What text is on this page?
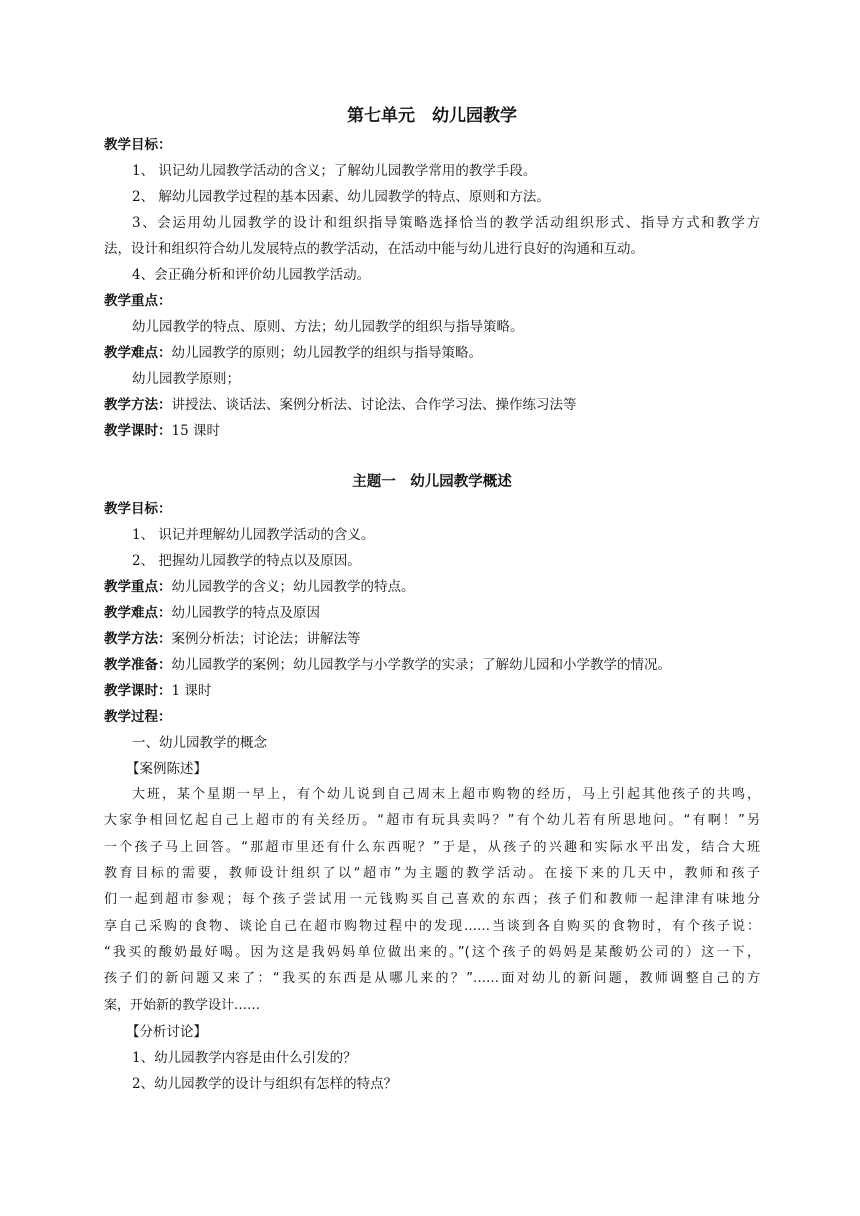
第七单元　幼儿园教学
教学目标：
1、 识记幼儿园教学活动的含义；了解幼儿园教学常用的教学手段。
2、 解幼儿园教学过程的基本因素、幼儿园教学的特点、原则和方法。
3、会运用幼儿园教学的设计和组织指导策略选择恰当的教学活动组织形式、指导方式和教学方
法，设计和组织符合幼儿发展特点的教学活动，在活动中能与幼儿进行良好的沟通和互动。
4、会正确分析和评价幼儿园教学活动。
教学重点：
幼儿园教学的特点、原则、方法；幼儿园教学的组织与指导策略。
教学难点：幼儿园教学的原则；幼儿园教学的组织与指导策略。
幼儿园教学原则；
教学方法：讲授法、谈话法、案例分析法、讨论法、合作学习法、操作练习法等
教学课时：15 课时
主题一　幼儿园教学概述
教学目标：
1、 识记并理解幼儿园教学活动的含义。
2、 把握幼儿园教学的特点以及原因。
教学重点：幼儿园教学的含义；幼儿园教学的特点。
教学难点：幼儿园教学的特点及原因
教学方法：案例分析法；讨论法；讲解法等
教学准备：幼儿园教学的案例；幼儿园教学与小学教学的实录；了解幼儿园和小学教学的情况。
教学课时：1 课时
教学过程：
一、幼儿园教学的概念
【案例陈述】
大班，某个星期一早上，有个幼儿说到自己周末上超市购物的经历，马上引起其他孩子的共鸣，
大家争相回忆起自己上超市的有关经历。“超市有玩具卖吗？”有个幼儿若有所思地问。“有啊！”另
一个孩子马上回答。“那超市里还有什么东西呢？”于是，从孩子的兴趣和实际水平出发，结合大班
教育目标的需要，教师设计组织了以“超市”为主题的教学活动。在接下来的几天中，教师和孩子
们一起到超市参观；每个孩子尝试用一元钱购买自己喜欢的东西；孩子们和教师一起津津有味地分
享自己采购的食物、谈论自己在超市购物过程中的发现……当谈到各自购买的食物时，有个孩子说：
“我买的酸奶最好喝。因为这是我妈妈单位做出来的。”(这个孩子的妈妈是某酸奶公司的）这一下，
孩子们的新问题又来了：“我买的东西是从哪儿来的？”……面对幼儿的新问题，教师调整自己的方
案，开始新的教学设计……
【分析讨论】
1、幼儿园教学内容是由什么引发的？
2、幼儿园教学的设计与组织有怎样的特点？
